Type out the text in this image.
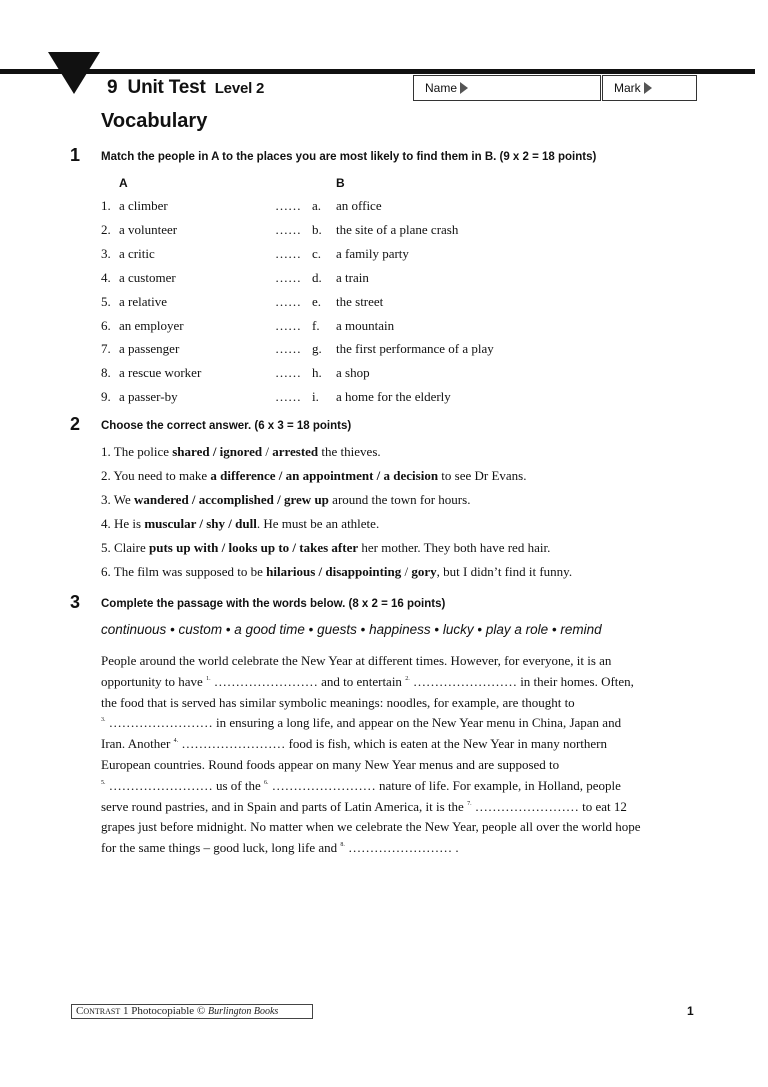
9 Unit Test Level 2	Name	Mark
Vocabulary
1 Match the people in A to the places you are most likely to find them in B. (9 x 2 = 18 points)
A	B
1. a climber	…… a. an office
2. a volunteer	…… b. the site of a plane crash
3. a critic	…… c. a family party
4. a customer	…… d. a train
5. a relative	…… e. the street
6. an employer	…… f. a mountain
7. a passenger	…… g. the first performance of a play
8. a rescue worker	…… h. a shop
9. a passer-by	…… i. a home for the elderly
2 Choose the correct answer. (6 x 3 = 18 points)
1. The police shared / ignored / arrested the thieves.
2. You need to make a difference / an appointment / a decision to see Dr Evans.
3. We wandered / accomplished / grew up around the town for hours.
4. He is muscular / shy / dull. He must be an athlete.
5. Claire puts up with / looks up to / takes after her mother. They both have red hair.
6. The film was supposed to be hilarious / disappointing / gory, but I didn’t find it funny.
3 Complete the passage with the words below. (8 x 2 = 16 points)
continuous • custom • a good time • guests • happiness • lucky • play a role • remind
People around the world celebrate the New Year at different times. However, for everyone, it is an
opportunity to have $^{1.}$ …………………… and to entertain $^{2.}$ …………………… in their homes. Often,
the food that is served has similar symbolic meanings: noodles, for example, are thought to
$^{3.}$ …………………… in ensuring a long life, and appear on the New Year menu in China, Japan and
Iran. Another $^{4.}$ …………………… food is fish, which is eaten at the New Year in many northern
European countries. Round foods appear on many New Year menus and are supposed to
$^{5.}$ …………………… us of the $^{6.}$ …………………… nature of life. For example, in Holland, people
serve round pastries, and in Spain and parts of Latin America, it is the $^{7.}$ …………………… to eat 12
grapes just before midnight. No matter when we celebrate the New Year, people all over the world hope
for the same things – good luck, long life and $^{8.}$ …………………… .
Contrast 1 Photocopiable © Burlington Books	1
